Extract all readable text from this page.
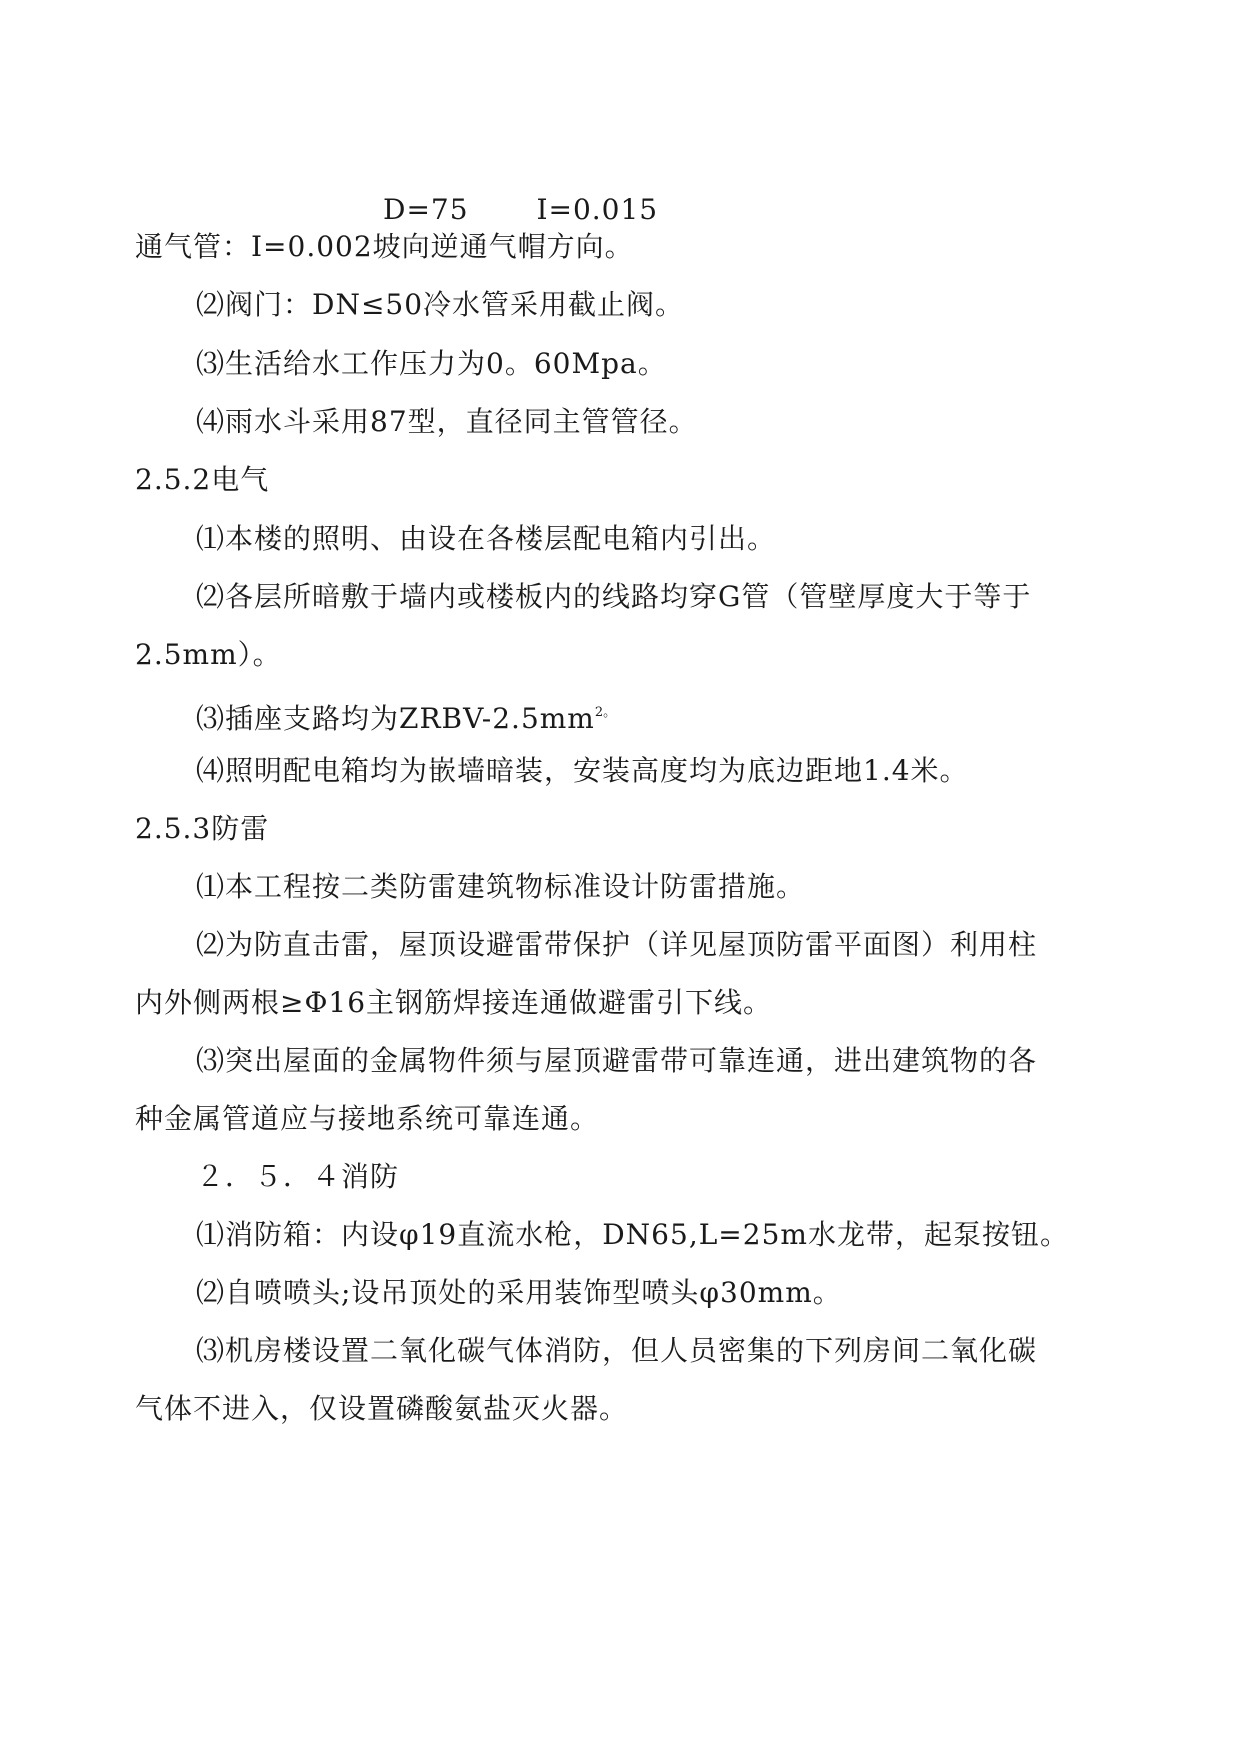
D=75　　 I=0.015
通气管：I=0.002坡向逆通气帽方向。
⑵阀门：DN≤50冷水管采用截止阀。
⑶生活给水工作压力为0。60Mpa。
⑷雨水斗采用87型，直径同主管管径。
2.5.2电气
⑴本楼的照明、由设在各楼层配电箱内引出。
⑵各层所暗敷于墙内或楼板内的线路均穿G管（管壁厚度大于等于
2.5mm）。
⑶插座支路均为ZRBV-$2.5mm^{2。}$
⑷照明配电箱均为嵌墙暗装，安装高度均为底边距地1.4米。
2.5.3防雷
⑴本工程按二类防雷建筑物标准设计防雷措施。
⑵为防直击雷，屋顶设避雷带保护（详见屋顶防雷平面图）利用柱
内外侧两根≥Φ16主钢筋焊接连通做避雷引下线。
⑶突出屋面的金属物件须与屋顶避雷带可靠连通，进出建筑物的各
种金属管道应与接地系统可靠连通。
２．５．４消防
⑴消防箱：内设φ19直流水枪，DN65,L=25m水龙带，起泵按钮。
⑵自喷喷头;设吊顶处的采用装饰型喷头φ30mm。
⑶机房楼设置二氧化碳气体消防，但人员密集的下列房间二氧化碳
气体不进入，仅设置磷酸氨盐灭火器。
